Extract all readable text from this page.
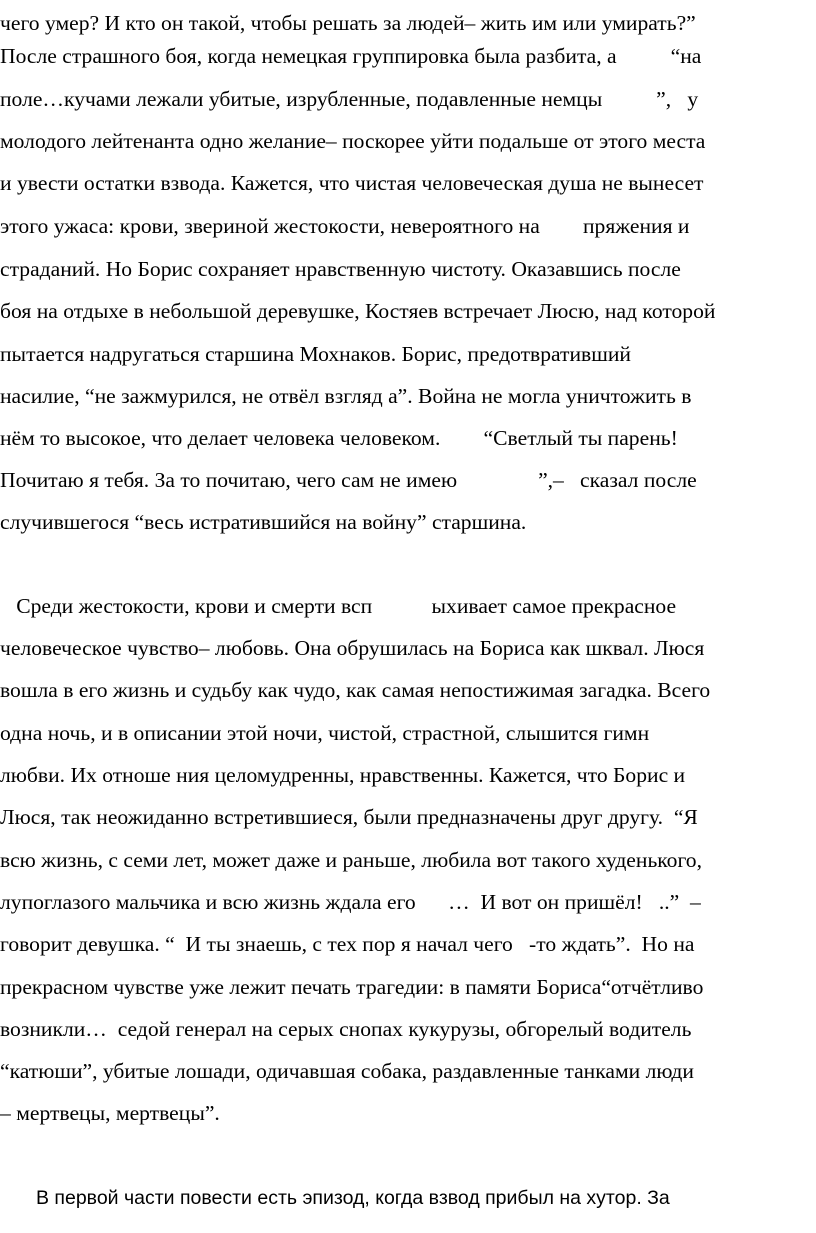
чего умер? И кто он такой, чтобы решать за людей– жить им или умирать?”
После страшного боя, когда немецкая группировка была разбита, а          “на
поле…кучами лежали убитые, изрубленные, подавленные немцы          ”,   у
молодого лейтенанта одно желание– поскорее уйти подальше от этого места
и увести остатки взвода. Кажется, что чистая человеческая душа не вынесет
этого ужаса: крови, звериной жестокости, невероятного на        пряжения и
страданий. Но Борис сохраняет нравственную чистоту. Оказавшись после
боя на отдыхе в небольшой деревушке, Костяев встречает Люсю, над которой
пытается надругаться старшина Мохнаков. Борис, предотвративший
насилие, “не зажмурился, не отвёл взгляд а”. Война не могла уничтожить в
нём то высокое, что делает человека человеком.        “Светлый ты парень!
Почитаю я тебя. За то почитаю, чего сам не имею               ”,–   сказал после
случившегося “весь истратившийся на войну” старшина.
Среди жестокости, крови и смерти всп           ыхивает самое прекрасное
человеческое чувство– любовь. Она обрушилась на Бориса как шквал. Люся
вошла в его жизнь и судьбу как чудо, как самая непостижимая загадка. Всего
одна ночь, и в описании этой ночи, чистой, страстной, слышится гимн
любви. Их отноше ния целомудренны, нравственны. Кажется, что Борис и
Люся, так неожиданно встретившиеся, были предназначены друг другу.  “Я
всю жизнь, с семи лет, может даже и раньше, любила вот такого худенького,
лупоглазого мальчика и всю жизнь ждала его      …  И вот он пришёл!   ..”  –
говорит девушка. “  И ты знаешь, с тех пор я начал чего   -то ждать”.  Но на
прекрасном чувстве уже лежит печать трагедии: в памяти Бориса“отчётливо
возникли…  седой генерал на серых снопах кукурузы, обгорелый водитель
“катюши”, убитые лошади, одичавшая собака, раздавленные танками люди
– мертвецы, мертвецы”.
В первой части повести есть эпизод, когда взвод прибыл на хутор. За
